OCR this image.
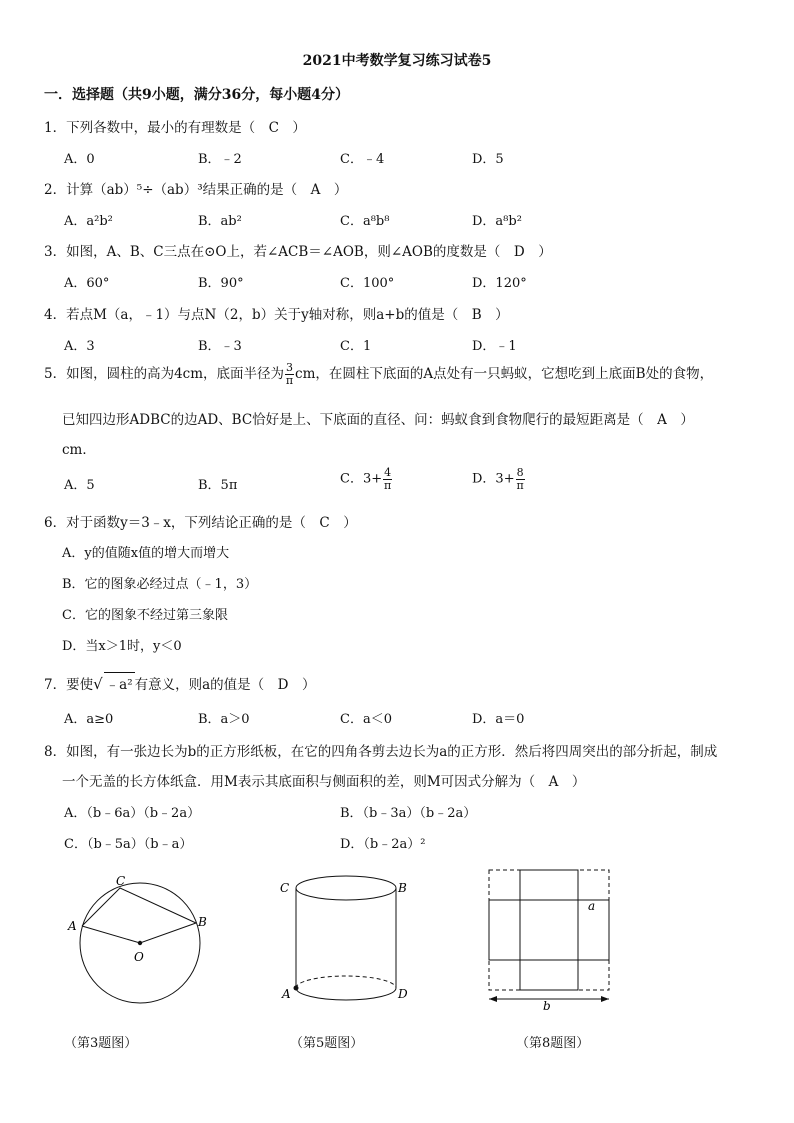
2021中考数学复习练习试卷5
一．选择题（共9小题，满分36分，每小题4分）
1．下列各数中，最小的有理数是（　C　）
A．0	B．﹣2	C．﹣4	D．5
2．计算（ab）⁵÷（ab）³结果正确的是（　A　）
A．a²b²	B．ab²	C．a⁸b⁸	D．a⁸b²
3．如图，A、B、C三点在⊙O上，若∠ACB＝∠AOB，则∠AOB的度数是（　D　）
A．60°	B．90°	C．100°	D．120°
4．若点M（a，﹣1）与点N（2，b）关于y轴对称，则a+b的值是（　B　）
A．3	B．﹣3	C．1	D．﹣1
5．如图，圆柱的高为4cm，底面半径为 $\frac{3}{\pi}$ cm，在圆柱下底面的A点处有一只蚂蚁，它想吃到上底面B处的食物，
已知四边形ADBC的边AD、BC恰好是上、下底面的直径、问：蚂蚁食到食物爬行的最短距离是（　A　）
cm．
A．5	B．5π	C．$3+ \frac{4}{\pi}$	D．$3+ \frac{8}{\pi}$
6．对于函数y＝3﹣x，下列结论正确的是（　C　）
A．y的值随x值的增大而增大
B．它的图象必经过点（﹣1，3）
C．它的图象不经过第三象限
D．当x＞1时，y＜0
7．要使√ ﹣a² 有意义，则a的值是（　D　）
A．a≥0	B．a＞0	C．a＜0	D．a＝0
8．如图，有一张边长为b的正方形纸板，在它的四角各剪去边长为a的正方形．然后将四周突出的部分折起，制成
一个无盖的长方体纸盒．用M表示其底面积与侧面积的差，则M可因式分解为（　A　）
A．（b﹣6a）（b﹣2a）	B．（b﹣3a）（b﹣2a）
C．（b﹣5a）（b﹣a）	D．（b﹣2a）²
C
A	B
O
（第3题图）
C	B
A	D
（第5题图）
a
b
（第8题图）
